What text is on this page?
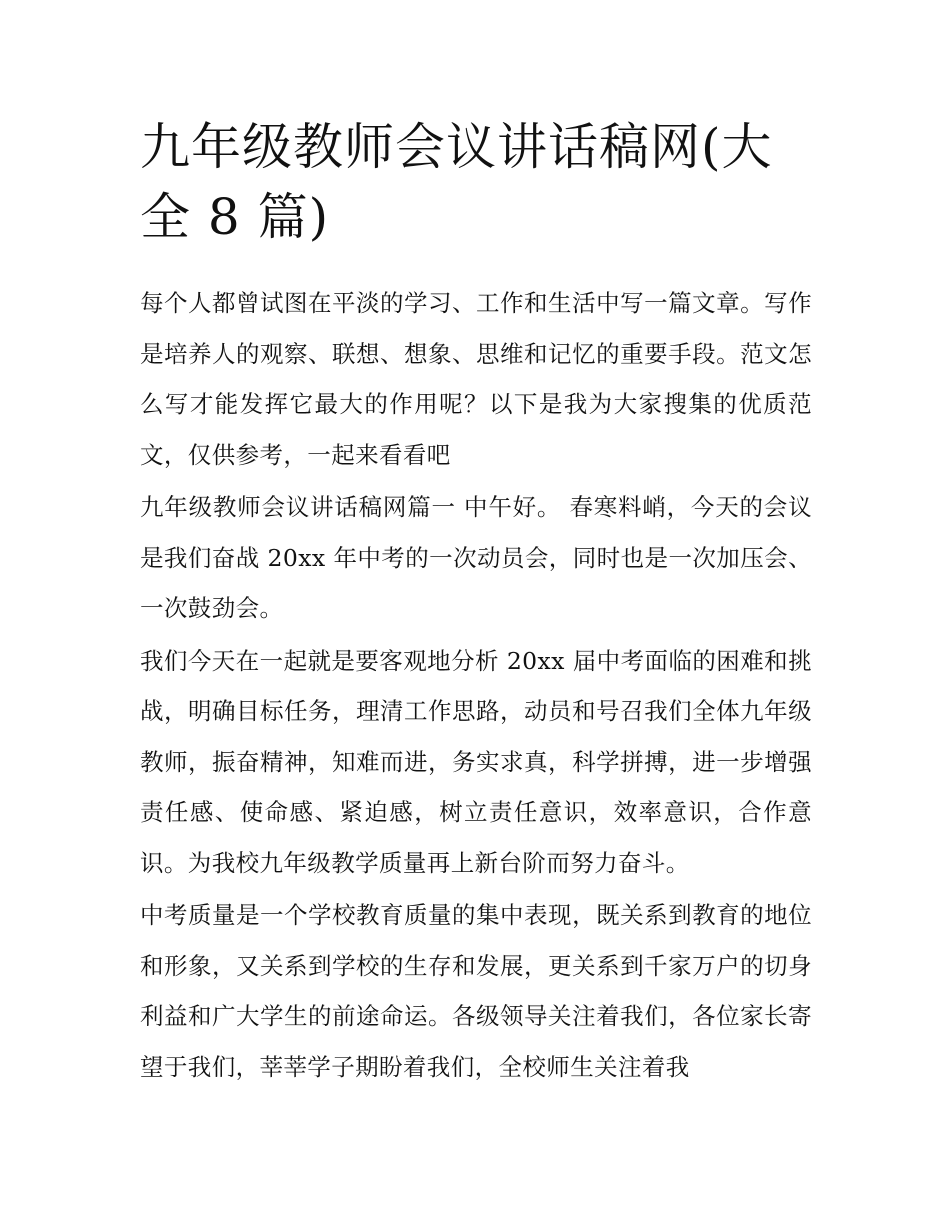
九年级教师会议讲话稿网(大全 8 篇)

每个人都曾试图在平淡的学习、工作和生活中写一篇文章。写作是培养人的观察、联想、想象、思维和记忆的重要手段。范文怎么写才能发挥它最大的作用呢？以下是我为大家搜集的优质范文，仅供参考，一起来看看吧

九年级教师会议讲话稿网篇一 中午好。 春寒料峭，今天的会议是我们奋战 20xx 年中考的一次动员会，同时也是一次加压会、一次鼓劲会。

我们今天在一起就是要客观地分析 20xx 届中考面临的困难和挑战，明确目标任务，理清工作思路，动员和号召我们全体九年级教师，振奋精神，知难而进，务实求真，科学拼搏，进一步增强责任感、使命感、紧迫感，树立责任意识，效率意识，合作意识。为我校九年级教学质量再上新台阶而努力奋斗。

中考质量是一个学校教育质量的集中表现，既关系到教育的地位和形象，又关系到学校的生存和发展，更关系到千家万户的切身利益和广大学生的前途命运。各级领导关注着我们，各位家长寄望于我们，莘莘学子期盼着我们，全校师生关注着我
